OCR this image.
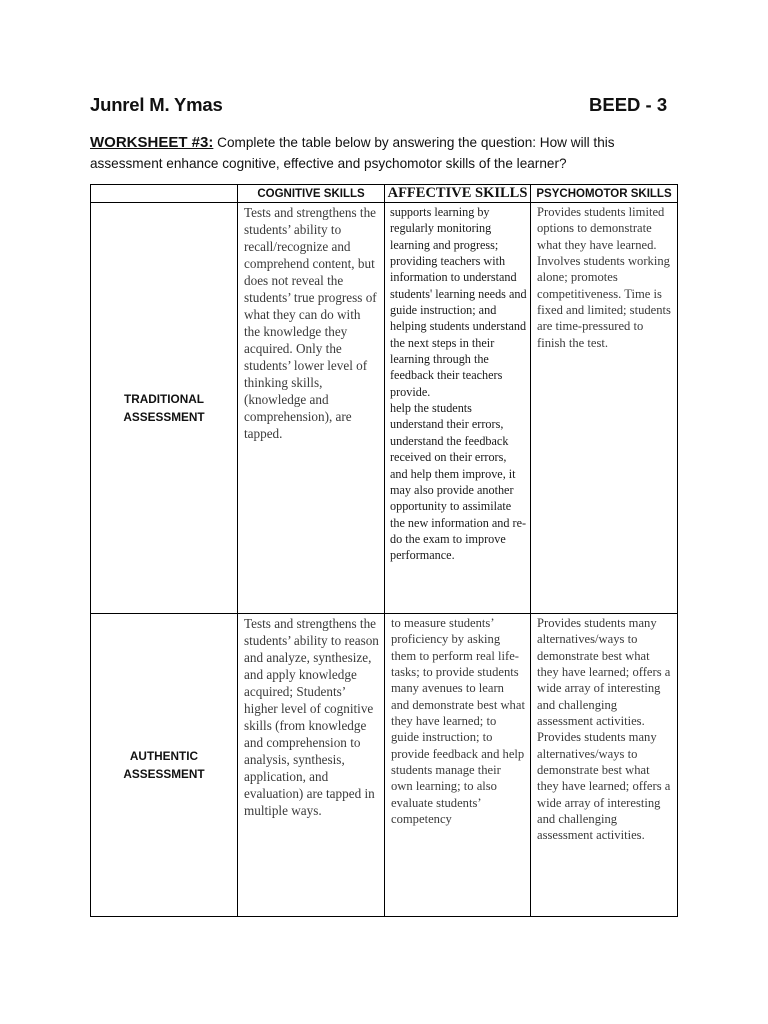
Junrel M. Ymas	BEED - 3
WORKSHEET #3: Complete the table below by answering the question: How will this assessment enhance cognitive, effective and psychomotor skills of the learner?
COGNITIVE SKILLS	AFFECTIVE SKILLS PSYCHOMOTOR SKILLS
TRADITIONAL
ASSESSMENT
Tests and strengthens the students’ ability to recall/recognize and comprehend content, but does not reveal the students’ true progress of what they can do with the knowledge they acquired. Only the students’ lower level of thinking skills, (knowledge and comprehension), are tapped.
supports learning by regularly monitoring learning and progress; providing teachers with information to understand students' learning needs and guide instruction; and helping students understand the next steps in their learning through the feedback their teachers provide.
help the students understand their errors, understand the feedback received on their errors, and help them improve, it may also provide another opportunity to assimilate the new information and re-do the exam to improve performance.
Provides students limited options to demonstrate what they have learned. Involves students working alone; promotes competitiveness. Time is fixed and limited; students are time-pressured to finish the test.
AUTHENTIC
ASSESSMENT
Tests and strengthens the students’ ability to reason and analyze, synthesize, and apply knowledge acquired; Students’ higher level of cognitive skills (from knowledge and comprehension to analysis, synthesis, application, and evaluation) are tapped in multiple ways.
to measure students’ proficiency by asking them to perform real life-tasks; to provide students many avenues to learn and demonstrate best what they have learned; to guide instruction; to provide feedback and help students manage their own learning; to also evaluate students’ competency
Provides students many alternatives/ways to demonstrate best what they have learned; offers a wide array of interesting and challenging assessment activities. Provides students many alternatives/ways to demonstrate best what they have learned; offers a wide array of interesting and challenging assessment activities.
